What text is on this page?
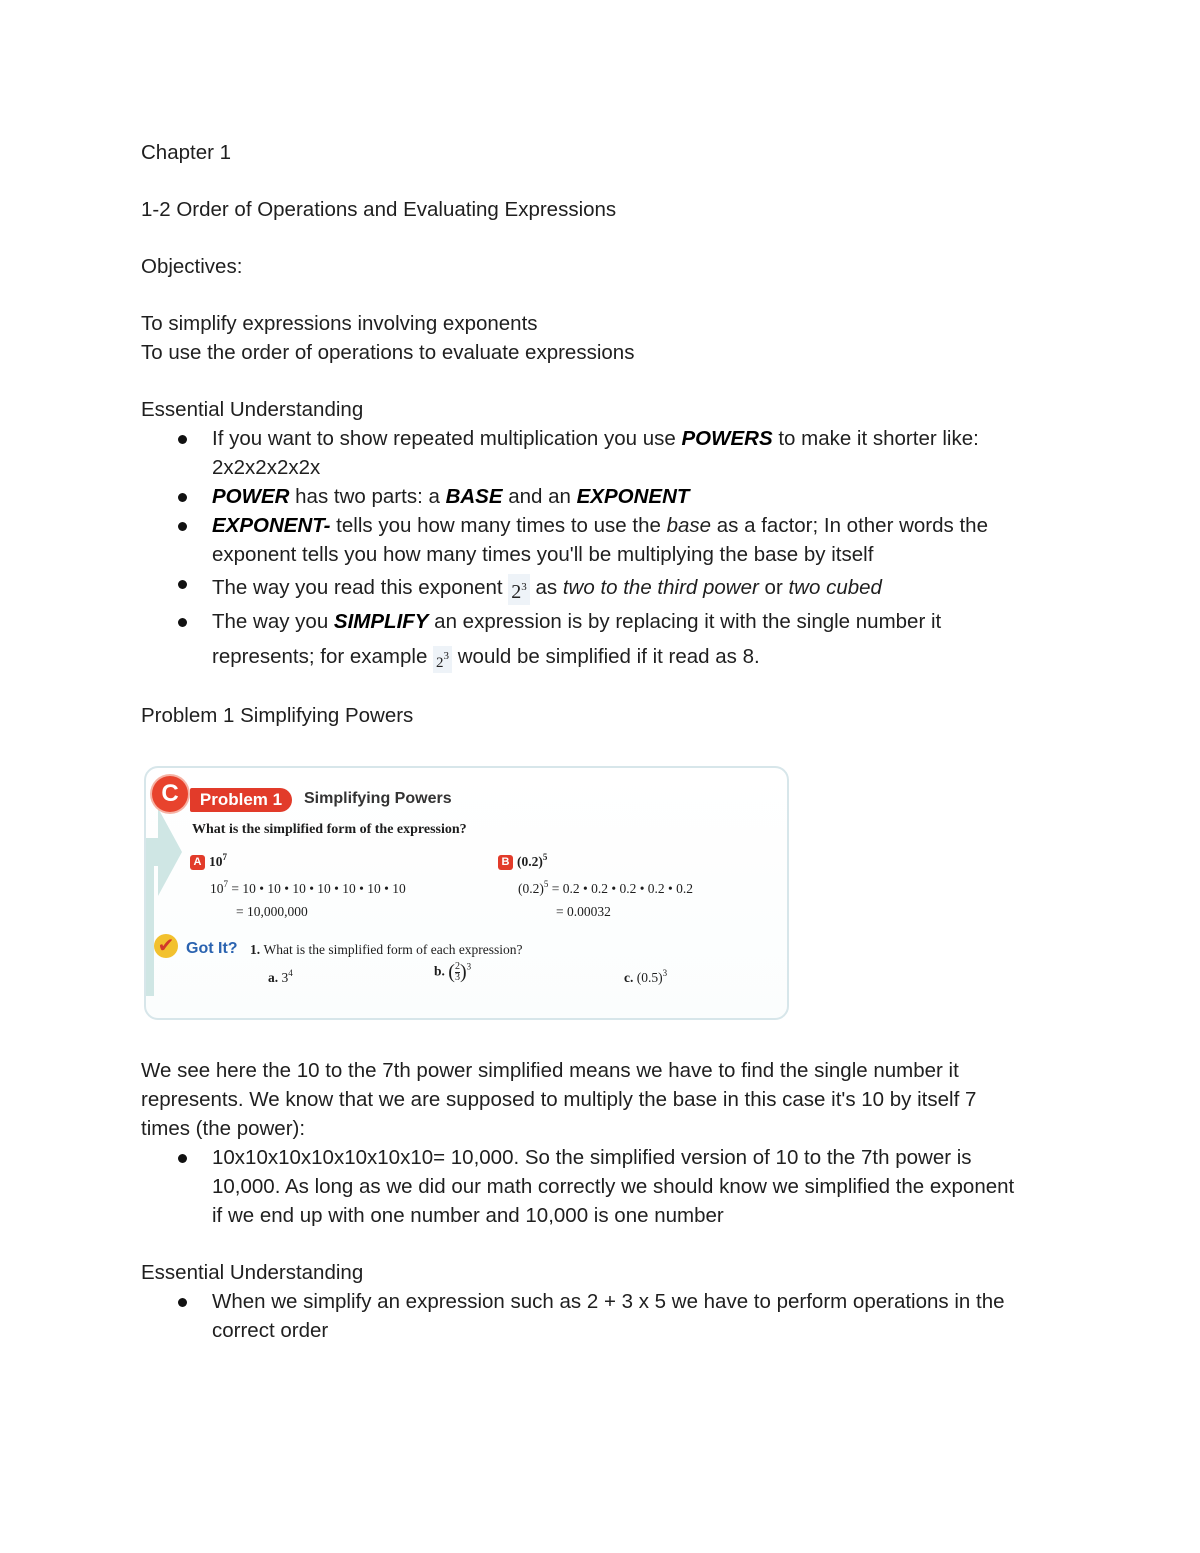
Chapter 1

1-2 Order of Operations and Evaluating Expressions

Objectives:

To simplify expressions involving exponents

To use the order of operations to evaluate expressions

Essential Understanding

If you want to show repeated multiplication you use POWERS to make it shorter like:
2x2x2x2x2x
POWER has two parts: a BASE and an EXPONENT
EXPONENT- tells you how many times to use the base as a factor; In other words the
exponent tells you how many times you'll be multiplying the base by itself
The way you read this exponent $2^3$ as two to the third power or two cubed
The way you SIMPLIFY an expression is by replacing it with the single number it
represents; for example $2^3$ would be simplified if it read as 8.

Problem 1 Simplifying Powers

C	Problem 1	Simplifying Powers
What is the simplified form of the expression?
A $10^7$
$10^7 = 10$ • 10 • 10 • 10 • 10 • 10 • 10
= 10,000,000
B $(0.2)^5$
$(0.2)^5 = 0.2$ • 0.2 • 0.2 • 0.2 • 0.2
= 0.00032
✔ Got It? 1. What is the simplified form of each expression?
a. $3^4$	b. ( $\frac{2}{3} )^3$
c. $(0.5)^3$

We see here the 10 to the 7th power simplified means we have to find the single number it

represents. We know that we are supposed to multiply the base in this case it's 10 by itself 7

times (the power):

10x10x10x10x10x10x10= 10,000. So the simplified version of 10 to the 7th power is
10,000. As long as we did our math correctly we should know we simplified the exponent
if we end up with one number and 10,000 is one number

Essential Understanding

When we simplify an expression such as 2 + 3 x 5 we have to perform operations in the
correct order
